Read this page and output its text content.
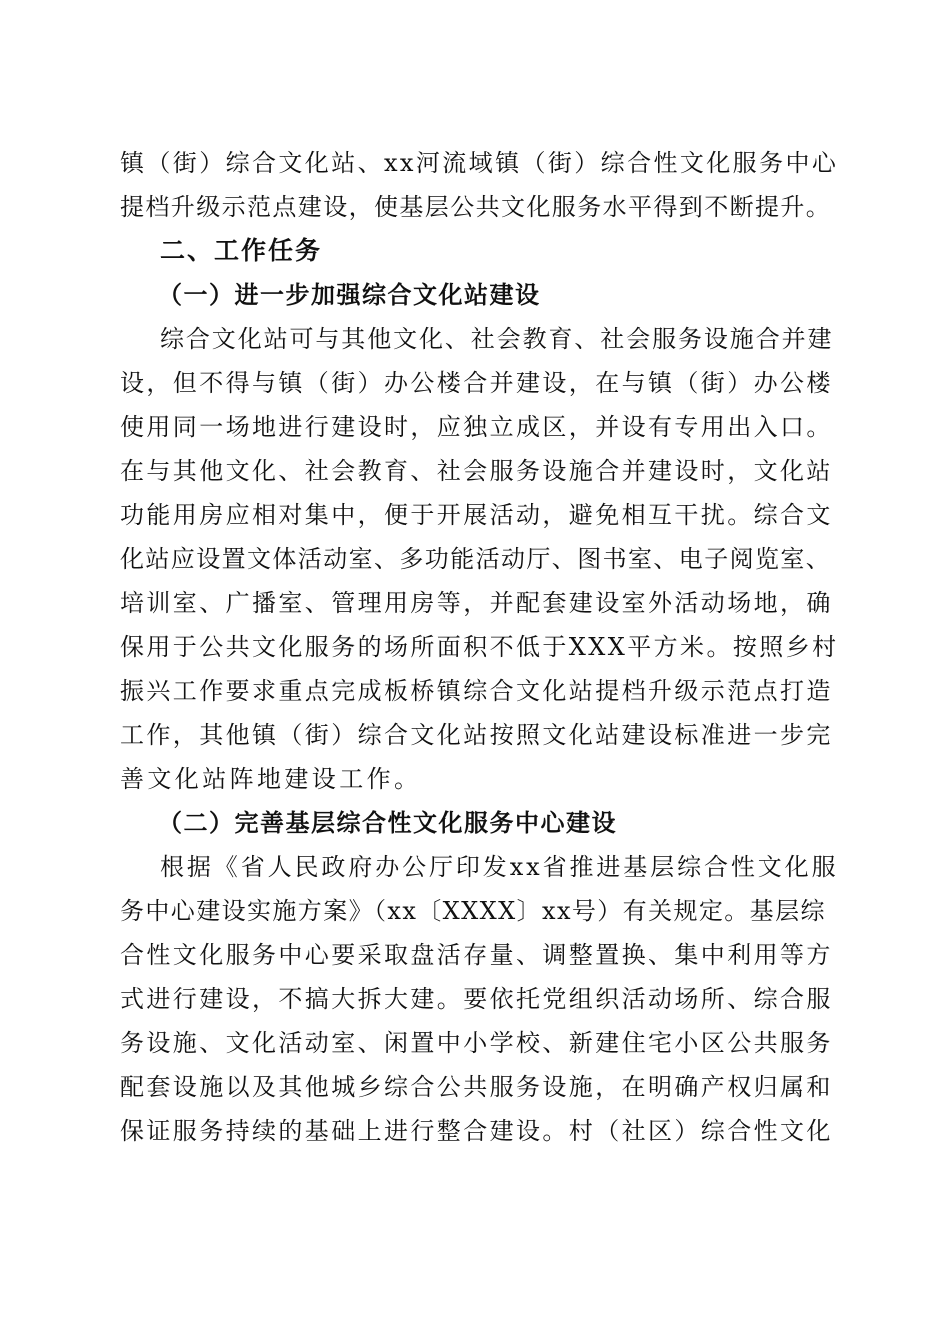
镇（街）综合文化站、xx河流域镇（街）综合性文化服务中心

提档升级示范点建设，使基层公共文化服务水平得到不断提升。

二、工作任务

（一）进一步加强综合文化站建设

综合文化站可与其他文化、社会教育、社会服务设施合并建

设，但不得与镇（街）办公楼合并建设，在与镇（街）办公楼

使用同一场地进行建设时，应独立成区，并设有专用出入口。

在与其他文化、社会教育、社会服务设施合并建设时，文化站

功能用房应相对集中，便于开展活动，避免相互干扰。综合文

化站应设置文体活动室、多功能活动厅、图书室、电子阅览室、

培训室、广播室、管理用房等，并配套建设室外活动场地，确

保用于公共文化服务的场所面积不低于XXX平方米。按照乡村

振兴工作要求重点完成板桥镇综合文化站提档升级示范点打造

工作，其他镇（街）综合文化站按照文化站建设标准进一步完

善文化站阵地建设工作。

（二）完善基层综合性文化服务中心建设

根据《省人民政府办公厅印发xx省推进基层综合性文化服

务中心建设实施方案》（xx〔XXXX〕xx号）有关规定。基层综

合性文化服务中心要采取盘活存量、调整置换、集中利用等方

式进行建设，不搞大拆大建。要依托党组织活动场所、综合服

务设施、文化活动室、闲置中小学校、新建住宅小区公共服务

配套设施以及其他城乡综合公共服务设施，在明确产权归属和

保证服务持续的基础上进行整合建设。村（社区）综合性文化
